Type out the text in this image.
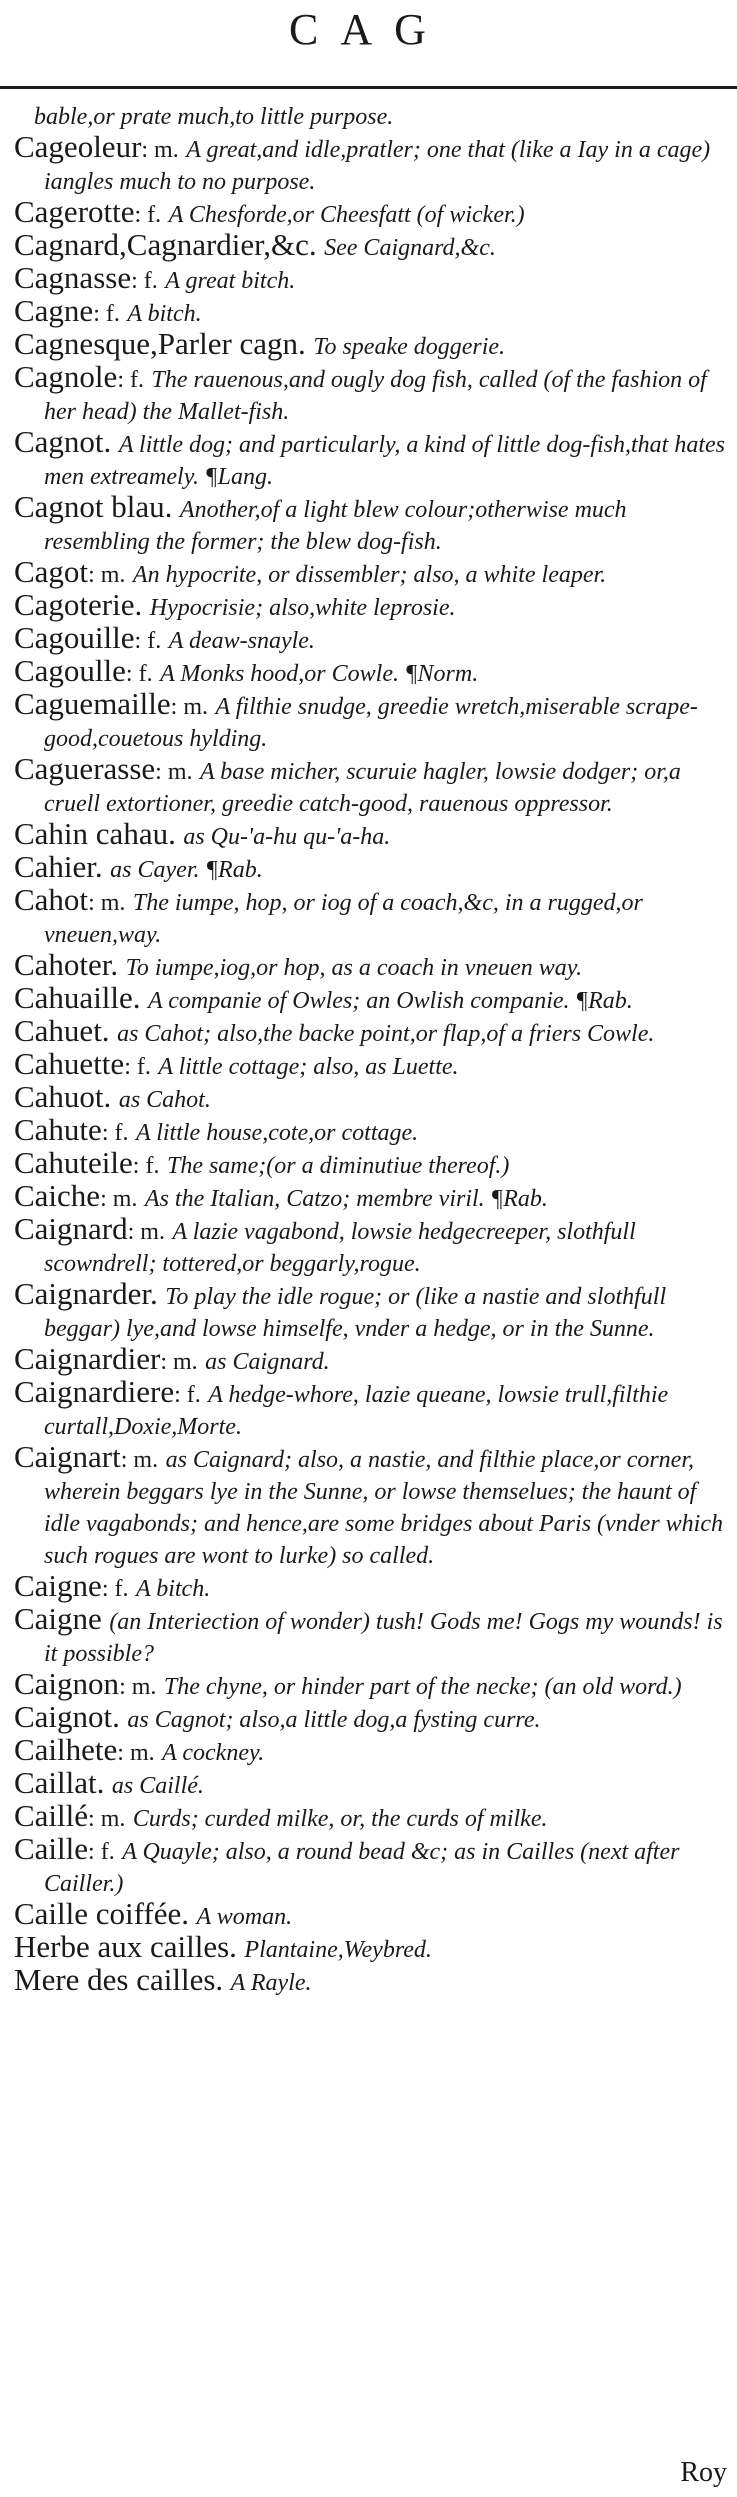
CAG

bable,or prate much,to little purpose.

Cageoleur: m. A great,and idle,pratler; one that (like a Iay in a cage) iangles much to no purpose.

Cagerotte: f. A Chesforde,or Cheesfatt (of wicker.)

Cagnard,Cagnardier,&c. See Caignard,&c.

Cagnasse: f. A great bitch.

Cagne: f. A bitch.

Cagnesque,Parler cagn. To speake doggerie.

Cagnole: f. The rauenous,and ougly dog fish, called (of the fashion of her head) the Mallet-fish.

Cagnot. A little dog; and particularly, a kind of little dog-fish,that hates men extreamely. ¶Lang.

Cagnot blau. Another,of a light blew colour;otherwise much resembling the former; the blew dog-fish.

Cagot: m. An hypocrite, or dissembler; also, a white leaper.

Cagoterie. Hypocrisie; also,white leprosie.

Cagouille: f. A deaw-snayle.

Cagoulle: f. A Monks hood,or Cowle. ¶Norm.

Caguemaille: m. A filthie snudge, greedie wretch,miserable scrape-good,couetous hylding.

Caguerasse: m. A base micher, scuruie hagler, lowsie dodger; or,a cruell extortioner, greedie catch-good, rauenous oppressor.

Cahin cahau. as Qu-'a-hu qu-'a-ha.

Cahier. as Cayer. ¶Rab.

Cahot: m. The iumpe, hop, or iog of a coach,&c, in a rugged,or vneuen,way.

Cahoter. To iumpe,iog,or hop, as a coach in vneuen way.

Cahuaille. A companie of Owles; an Owlish companie. ¶Rab.

Cahuet. as Cahot; also,the backe point,or flap,of a friers Cowle.

Cahuette: f. A little cottage; also, as Luette.

Cahuot. as Cahot.

Cahute: f. A little house,cote,or cottage.

Cahuteile: f. The same;(or a diminutiue thereof.)

Caiche: m. As the Italian, Catzo; membre viril. ¶Rab.

Caignard: m. A lazie vagabond, lowsie hedgecreeper, slothfull scowndrell; tottered,or beggarly,rogue.

Caignarder. To play the idle rogue; or (like a nastie and slothfull beggar) lye,and lowse himselfe, vnder a hedge, or in the Sunne.

Caignardier: m. as Caignard.

Caignardiere: f. A hedge-whore, lazie queane, lowsie trull,filthie curtall,Doxie,Morte.

Caignart: m. as Caignard; also, a nastie, and filthie place,or corner, wherein beggars lye in the Sunne, or lowse themselues; the haunt of idle vagabonds; and hence,are some bridges about Paris (vnder which such rogues are wont to lurke) so called.

Caigne: f. A bitch.

Caigne (an Interiection of wonder) tush! Gods me! Gogs my wounds! is it possible?

Caignon: m. The chyne, or hinder part of the necke; (an old word.)

Caignot. as Cagnot; also,a little dog,a fysting curre.

Cailhete: m. A cockney.

Caillat. as Caillé.

Caillé: m. Curds; curded milke, or, the curds of milke.

Caille: f. A Quayle; also, a round bead &c; as in Cailles (next after Cailler.)

Caille coiffée. A woman.

Herbe aux cailles. Plantaine,Weybred.

Mere des cailles. A Rayle.

Roy
